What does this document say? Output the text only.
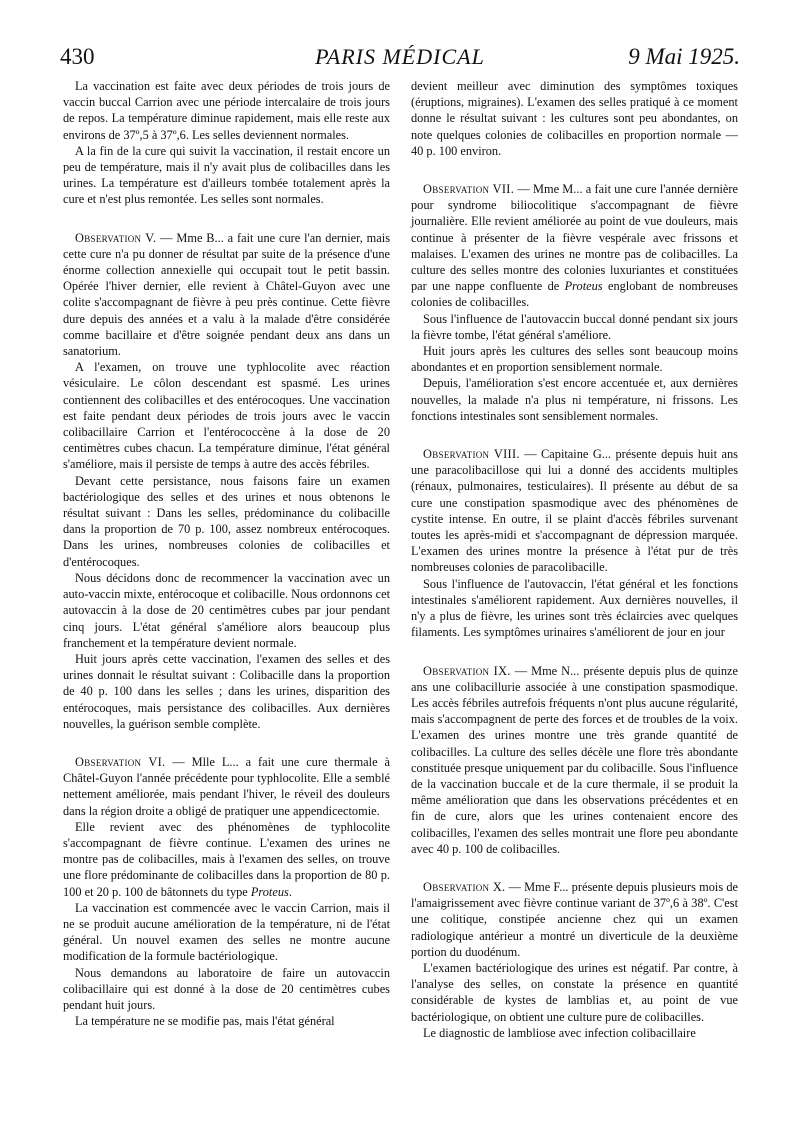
430	PARIS MÉDICAL	9 Mai 1925.

La vaccination est faite avec deux périodes de trois jours de vaccin buccal Carrion avec une période intercalaire de trois jours de repos. La température diminue rapidement, mais elle reste aux environs de 37º,5 à 37º,6. Les selles deviennent normales.

A la fin de la cure qui suivit la vaccination, il restait encore un peu de température, mais il n'y avait plus de colibacilles dans les urines. La température est d'ailleurs tombée totalement après la cure et n'est plus remontée. Les selles sont normales.

Observation V. — Mme B... a fait une cure l'an dernier, mais cette cure n'a pu donner de résultat par suite de la présence d'une énorme collection annexielle qui occupait tout le petit bassin. Opérée l'hiver dernier, elle revient à Châtel-Guyon avec une colite s'accompagnant de fièvre à peu près continue. Cette fièvre dure depuis des années et a valu à la malade d'être considérée comme bacillaire et d'être soignée pendant deux ans dans un sanatorium.

A l'examen, on trouve une typhlocolite avec réaction vésiculaire. Le côlon descendant est spasmé. Les urines contiennent des colibacilles et des entérocoques. Une vaccination est faite pendant deux périodes de trois jours avec le vaccin colibacillaire Carrion et l'entérococcène à la dose de 20 centimètres cubes chacun. La température diminue, l'état général s'améliore, mais il persiste de temps à autre des accès fébriles.

Devant cette persistance, nous faisons faire un examen bactériologique des selles et des urines et nous obtenons le résultat suivant : Dans les selles, prédominance du colibacille dans la proportion de 70 p. 100, assez nombreux entérocoques. Dans les urines, nombreuses colonies de colibacilles et d'entérocoques.

Nous décidons donc de recommencer la vaccination avec un auto-vaccin mixte, entérocoque et colibacille. Nous ordonnons cet autovaccin à la dose de 20 centimètres cubes par jour pendant cinq jours. L'état général s'améliore alors beaucoup plus franchement et la température devient normale.

Huit jours après cette vaccination, l'examen des selles et des urines donnait le résultat suivant : Colibacille dans la proportion de 40 p. 100 dans les selles ; dans les urines, disparition des entérocoques, mais persistance des colibacilles. Aux dernières nouvelles, la guérison semble complète.

Observation VI. — Mlle L... a fait une cure thermale à Châtel-Guyon l'année précédente pour typhlocolite. Elle a semblé nettement améliorée, mais pendant l'hiver, le réveil des douleurs dans la région droite a obligé de pratiquer une appendicectomie.

Elle revient avec des phénomènes de typhlocolite s'accompagnant de fièvre continue. L'examen des urines ne montre pas de colibacilles, mais à l'examen des selles, on trouve une flore prédominante de colibacilles dans la proportion de 80 p. 100 et 20 p. 100 de bâtonnets du type Proteus.

La vaccination est commencée avec le vaccin Carrion, mais il ne se produit aucune amélioration de la température, ni de l'état général. Un nouvel examen des selles ne montre aucune modification de la formule bactériologique.

Nous demandons au laboratoire de faire un autovaccin colibacillaire qui est donné à la dose de 20 centimètres cubes pendant huit jours.

La température ne se modifie pas, mais l'état général

devient meilleur avec diminution des symptômes toxiques (éruptions, migraines). L'examen des selles pratiqué à ce moment donne le résultat suivant : les cultures sont peu abondantes, on note quelques colonies de colibacilles en proportion normale — 40 p. 100 environ.

Observation VII. — Mme M... a fait une cure l'année dernière pour syndrome biliocolitique s'accompagnant de fièvre journalière. Elle revient améliorée au point de vue douleurs, mais continue à présenter de la fièvre vespérale avec frissons et malaises. L'examen des urines ne montre pas de colibacilles. La culture des selles montre des colonies luxuriantes et constituées par une nappe confluente de Proteus englobant de nombreuses colonies de colibacilles.

Sous l'influence de l'autovaccin buccal donné pendant six jours la fièvre tombe, l'état général s'améliore.

Huit jours après les cultures des selles sont beaucoup moins abondantes et en proportion sensiblement normale.

Depuis, l'amélioration s'est encore accentuée et, aux dernières nouvelles, la malade n'a plus ni température, ni frissons. Les fonctions intestinales sont sensiblement normales.

Observation VIII. — Capitaine G... présente depuis huit ans une paracolibacillose qui lui a donné des accidents multiples (rénaux, pulmonaires, testiculaires). Il présente au début de sa cure une constipation spasmodique avec des phénomènes de cystite intense. En outre, il se plaint d'accès fébriles survenant toutes les après-midi et s'accompagnant de dépression marquée. L'examen des urines montre la présence à l'état pur de très nombreuses colonies de paracolibacille.

Sous l'influence de l'autovaccin, l'état général et les fonctions intestinales s'améliorent rapidement. Aux dernières nouvelles, il n'y a plus de fièvre, les urines sont très éclaircies avec quelques filaments. Les symptômes urinaires s'améliorent de jour en jour

Observation IX. — Mme N... présente depuis plus de quinze ans une colibacillurie associée à une constipation spasmodique. Les accès fébriles autrefois fréquents n'ont plus aucune régularité, mais s'accompagnent de perte des forces et de troubles de la voix. L'examen des urines montre une très grande quantité de colibacilles. La culture des selles décèle une flore très abondante constituée presque uniquement par du colibacille. Sous l'influence de la vaccination buccale et de la cure thermale, il se produit la même amélioration que dans les observations précédentes et en fin de cure, alors que les urines contenaient encore des colibacilles, l'examen des selles montrait une flore peu abondante avec 40 p. 100 de colibacilles.

Observation X. — Mme F... présente depuis plusieurs mois de l'amaigrissement avec fièvre continue variant de 37º,6 à 38º. C'est une colitique, constipée ancienne chez qui un examen radiologique antérieur a montré un diverticule de la deuxième portion du duodénum.

L'examen bactériologique des urines est négatif. Par contre, à l'analyse des selles, on constate la présence en quantité considérable de kystes de lamblias et, au point de vue bactériologique, on obtient une culture pure de colibacilles.

Le diagnostic de lambliose avec infection colibacillaire
